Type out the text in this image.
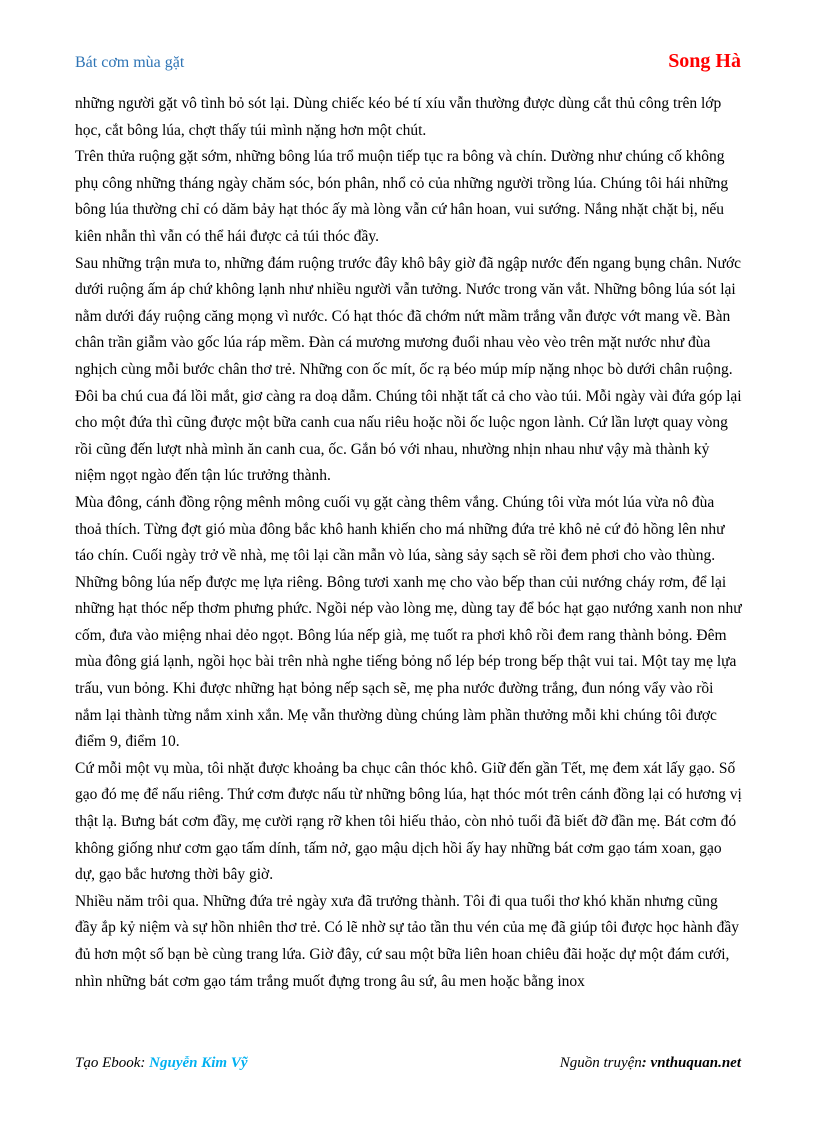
Bát cơm mùa gặt	Song Hà

những người gặt vô tình bỏ sót lại. Dùng chiếc kéo bé tí xíu vẫn thường được dùng cắt thủ công trên lớp học, cắt bông lúa, chợt thấy túi mình nặng hơn một chút.

Trên thửa ruộng gặt sớm, những bông lúa trổ muộn tiếp tục ra bông và chín. Dường như chúng cố không phụ công những tháng ngày chăm sóc, bón phân, nhổ cỏ của những người trồng lúa. Chúng tôi hái những bông lúa thường chỉ có dăm bảy hạt thóc ấy mà lòng vẫn cứ hân hoan, vui sướng. Nắng nhặt chặt bị, nếu kiên nhẫn thì vẫn có thể hái được cả túi thóc đầy.

Sau những trận mưa to, những đám ruộng trước đây khô bây giờ đã ngập nước đến ngang bụng chân. Nước dưới ruộng ấm áp chứ không lạnh như nhiều người vẫn tưởng. Nước trong văn vắt. Những bông lúa sót lại nằm dưới đáy ruộng căng mọng vì nước. Có hạt thóc đã chớm nứt mầm trắng vẫn được vớt mang về. Bàn chân trần giẫm vào gốc lúa ráp mềm. Đàn cá mương mương đuổi nhau vèo vèo trên mặt nước như đùa nghịch cùng mỗi bước chân thơ trẻ. Những con ốc mít, ốc rạ béo múp míp nặng nhọc bò dưới chân ruộng. Đôi ba chú cua đá lồi mắt, giơ càng ra doạ dẫm. Chúng tôi nhặt tất cả cho vào túi. Mỗi ngày vài đứa góp lại cho một đứa thì cũng được một bữa canh cua nấu riêu hoặc nồi ốc luộc ngon lành. Cứ lần lượt quay vòng rồi cũng đến lượt nhà mình ăn canh cua, ốc. Gắn bó với nhau, nhường nhịn nhau như vậy mà thành kỷ niệm ngọt ngào đến tận lúc trưởng thành.

Mùa đông, cánh đồng rộng mênh mông cuối vụ gặt càng thêm vắng. Chúng tôi vừa mót lúa vừa nô đùa thoả thích. Từng đợt gió mùa đông bắc khô hanh khiến cho má những đứa trẻ khô nẻ cứ đỏ hồng lên như táo chín. Cuối ngày trở về nhà, mẹ tôi lại cần mẫn vò lúa, sàng sảy sạch sẽ rồi đem phơi cho vào thùng. Những bông lúa nếp được mẹ lựa riêng. Bông tươi xanh mẹ cho vào bếp than củi nướng cháy rơm, để lại những hạt thóc nếp thơm phưng phức. Ngồi nép vào lòng mẹ, dùng tay để bóc hạt gạo nướng xanh non như cốm, đưa vào miệng nhai dẻo ngọt. Bông lúa nếp già, mẹ tuốt ra phơi khô rồi đem rang thành bỏng. Đêm mùa đông giá lạnh, ngồi học bài trên nhà nghe tiếng bỏng nổ lép bép trong bếp thật vui tai. Một tay mẹ lựa trấu, vun bỏng. Khi được những hạt bỏng nếp sạch sẽ, mẹ pha nước đường trắng, đun nóng vẩy vào rồi nắm lại thành từng nắm xinh xắn. Mẹ vẫn thường dùng chúng làm phần thưởng mỗi khi chúng tôi được điểm 9, điểm 10.

Cứ mỗi một vụ mùa, tôi nhặt được khoảng ba chục cân thóc khô. Giữ đến gần Tết, mẹ đem xát lấy gạo. Số gạo đó mẹ để nấu riêng. Thứ cơm được nấu từ những bông lúa, hạt thóc mót trên cánh đồng lại có hương vị thật lạ. Bưng bát cơm đầy, mẹ cười rạng rỡ khen tôi hiếu thảo, còn nhỏ tuổi đã biết đỡ đần mẹ. Bát cơm đó không giống như cơm gạo tấm dính, tấm nở, gạo mậu dịch hồi ấy hay những bát cơm gạo tám xoan, gạo dự, gạo bắc hương thời bây giờ.

Nhiều năm trôi qua. Những đứa trẻ ngày xưa đã trưởng thành. Tôi đi qua tuổi thơ khó khăn nhưng cũng đầy ắp kỷ niệm và sự hồn nhiên thơ trẻ. Có lẽ nhờ sự tảo tần thu vén của mẹ đã giúp tôi được học hành đầy đủ hơn một số bạn bè cùng trang lứa. Giờ đây, cứ sau một bữa liên hoan chiêu đãi hoặc dự một đám cưới, nhìn những bát cơm gạo tám trắng muốt đựng trong âu sứ, âu men hoặc bằng inox

Tạo Ebook: Nguyễn Kim Vỹ	Nguồn truyện: vnthuquan.net
